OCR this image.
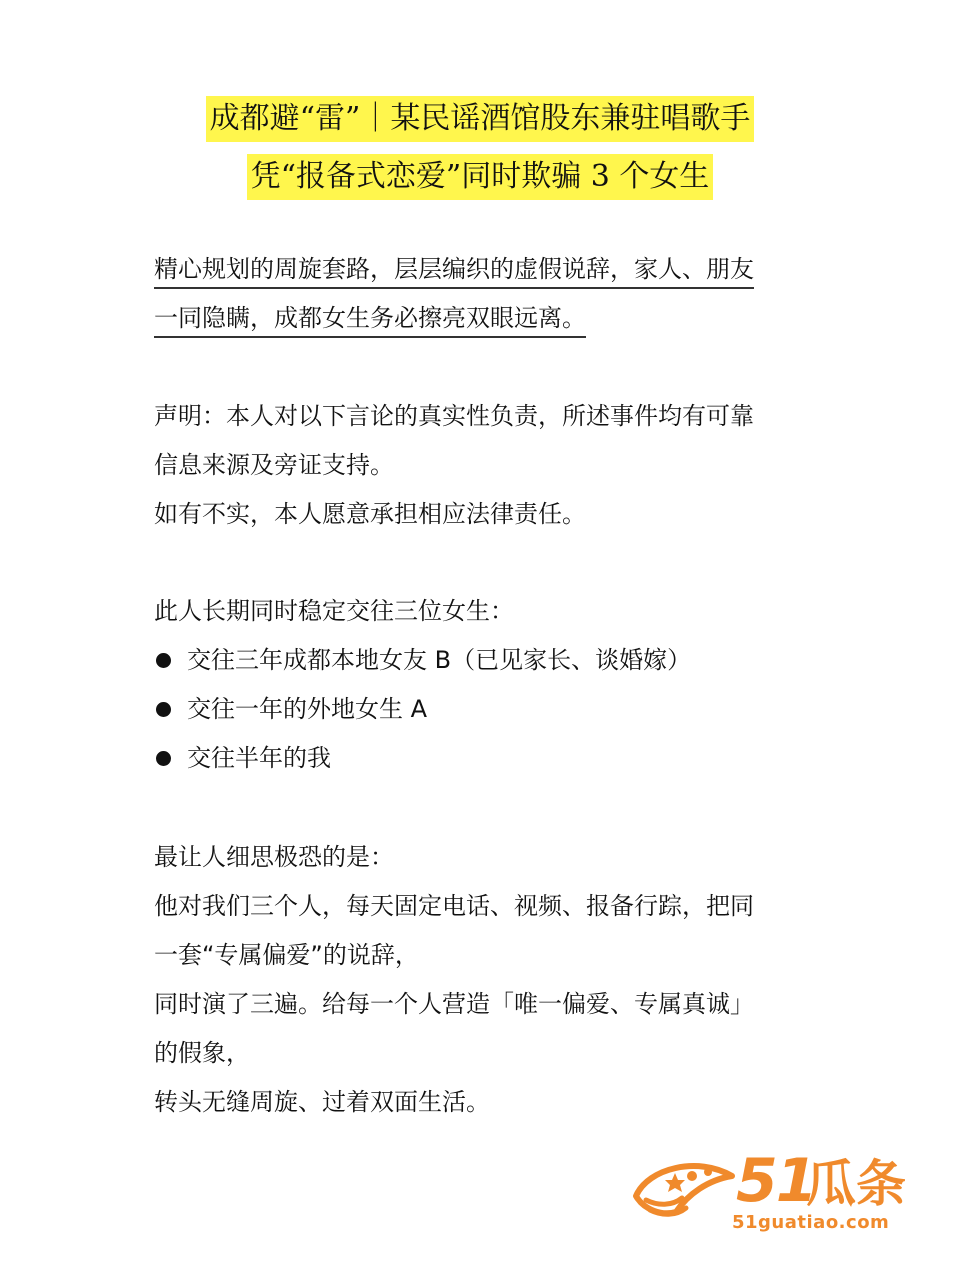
成都避“雷”｜某民谣酒馆股东兼驻唱歌手
凭“报备式恋爱”同时欺骗 3 个女生

精心规划的周旋套路，层层编织的虚假说辞，家人、朋友

一同隐瞒，成都女生务必擦亮双眼远离。

声明：本人对以下言论的真实性负责，所述事件均有可靠

信息来源及旁证支持。

如有不实，本人愿意承担相应法律责任。

此人长期同时稳定交往三位女生：

交往三年成都本地女友 B（已见家长、谈婚嫁）
交往一年的外地女生 A
交往半年的我

最让人细思极恐的是：

他对我们三个人，每天固定电话、视频、报备行踪，把同

一套“专属偏爱”的说辞，

同时演了三遍。给每一个人营造「唯一偏爱、专属真诚」

的假象，

转头无缝周旋、过着双面生活。

51
瓜条
51guatiao.com
